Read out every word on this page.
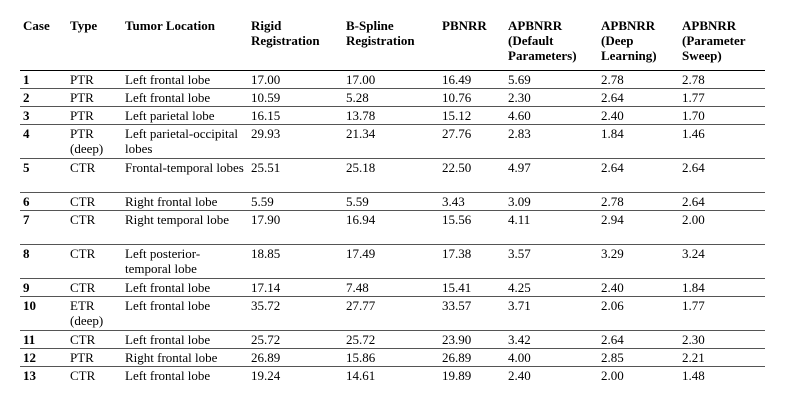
Case	Type	Tumor Location	Rigid Registration	B-Spline Registration	PBNRR	APBNRR (Default Parameters)	APBNRR (Deep Learning)	APBNRR (Parameter Sweep)
1	PTR	Left frontal lobe	17.00	17.00	16.49	5.69	2.78	2.78
2	PTR	Left frontal lobe	10.59	5.28	10.76	2.30	2.64	1.77
3	PTR	Left parietal lobe	16.15	13.78	15.12	4.60	2.40	1.70
4	PTR (deep)	Left parietal-occipital lobes	29.93	21.34	27.76	2.83	1.84	1.46
5	CTR	Frontal-temporal lobes	25.51	25.18	22.50	4.97	2.64	2.64
6	CTR	Right frontal lobe	5.59	5.59	3.43	3.09	2.78	2.64
7	CTR	Right temporal lobe	17.90	16.94	15.56	4.11	2.94	2.00
8	CTR	Left posterior-temporal lobe	18.85	17.49	17.38	3.57	3.29	3.24
9	CTR	Left frontal lobe	17.14	7.48	15.41	4.25	2.40	1.84
10	ETR (deep)	Left frontal lobe	35.72	27.77	33.57	3.71	2.06	1.77
11	CTR	Left frontal lobe	25.72	25.72	23.90	3.42	2.64	2.30
12	PTR	Right frontal lobe	26.89	15.86	26.89	4.00	2.85	2.21
13	CTR	Left frontal lobe	19.24	14.61	19.89	2.40	2.00	1.48
